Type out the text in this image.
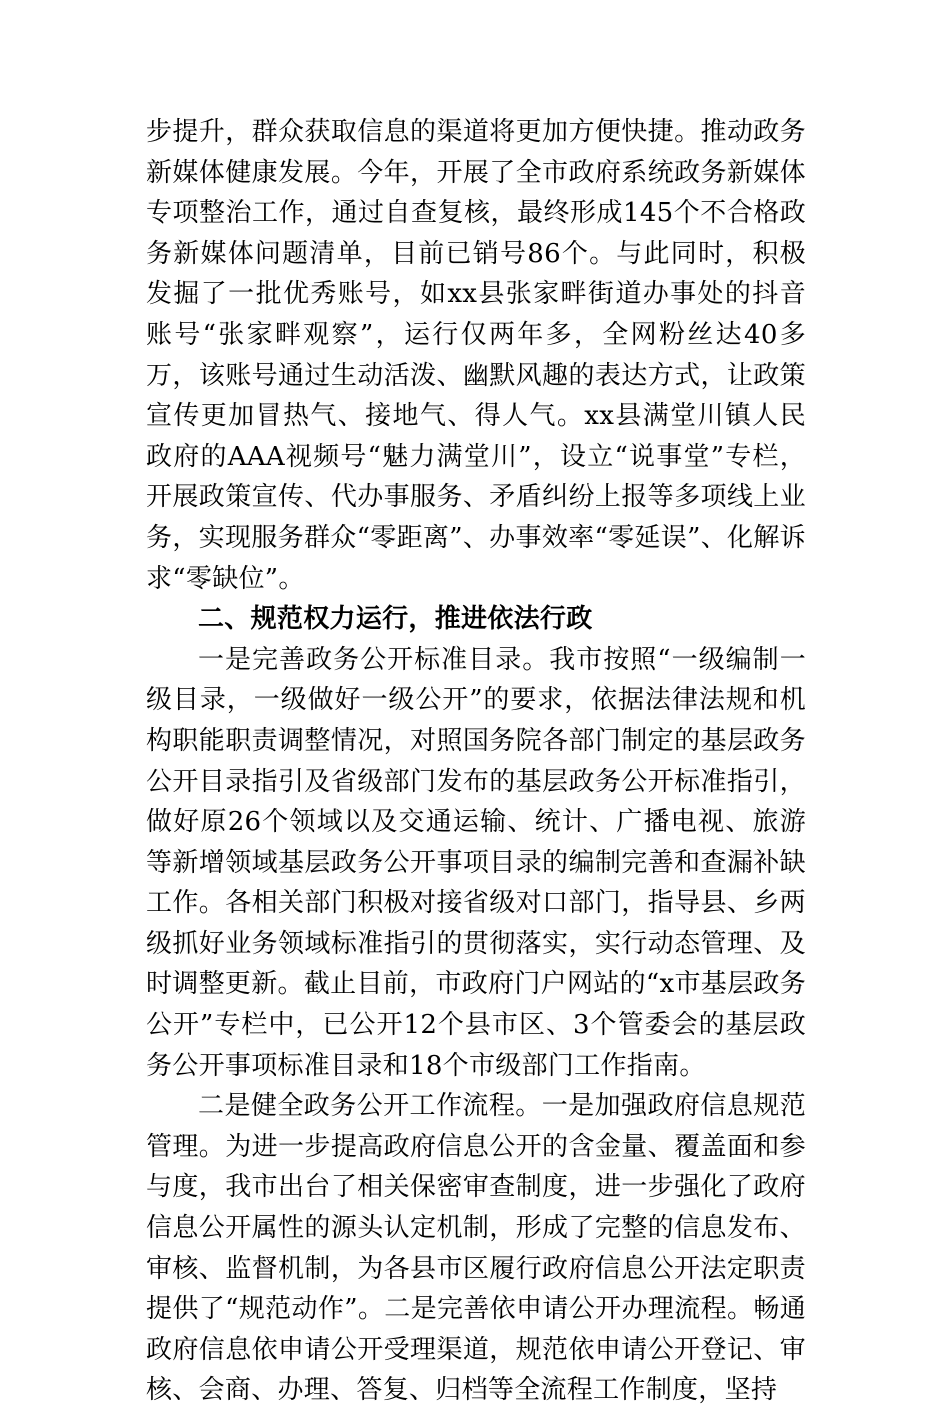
步提升，群众获取信息的渠道将更加方便快捷。推动政务新媒体健康发展。今年，开展了全市政府系统政务新媒体专项整治工作，通过自查复核，最终形成145个不合格政务新媒体问题清单，目前已销号86个。与此同时，积极发掘了一批优秀账号，如xx县张家畔街道办事处的抖音账号“张家畔观察”，运行仅两年多，全网粉丝达40多万，该账号通过生动活泼、幽默风趣的表达方式，让政策宣传更加冒热气、接地气、得人气。xx县满堂川镇人民政府的AAA视频号“魅力满堂川”，设立“说事堂”专栏，开展政策宣传、代办事服务、矛盾纠纷上报等多项线上业务，实现服务群众“零距离”、办事效率“零延误”、化解诉求“零缺位”。

二、规范权力运行，推进依法行政

一是完善政务公开标准目录。我市按照“一级编制一级目录，一级做好一级公开”的要求，依据法律法规和机构职能职责调整情况，对照国务院各部门制定的基层政务公开目录指引及省级部门发布的基层政务公开标准指引，做好原26个领域以及交通运输、统计、广播电视、旅游等新增领域基层政务公开事项目录的编制完善和查漏补缺工作。各相关部门积极对接省级对口部门，指导县、乡两级抓好业务领域标准指引的贯彻落实，实行动态管理、及时调整更新。截止目前，市政府门户网站的“x市基层政务公开”专栏中，已公开12个县市区、3个管委会的基层政务公开事项标准目录和18个市级部门工作指南。

二是健全政务公开工作流程。一是加强政府信息规范管理。为进一步提高政府信息公开的含金量、覆盖面和参与度，我市出台了相关保密审查制度，进一步强化了政府信息公开属性的源头认定机制，形成了完整的信息发布、审核、监督机制，为各县市区履行政府信息公开法定职责提供了“规范动作”。二是完善依申请公开办理流程。畅通政府信息依申请公开受理渠道，规范依申请公开登记、审核、会商、办理、答复、归档等全流程工作制度，坚持
